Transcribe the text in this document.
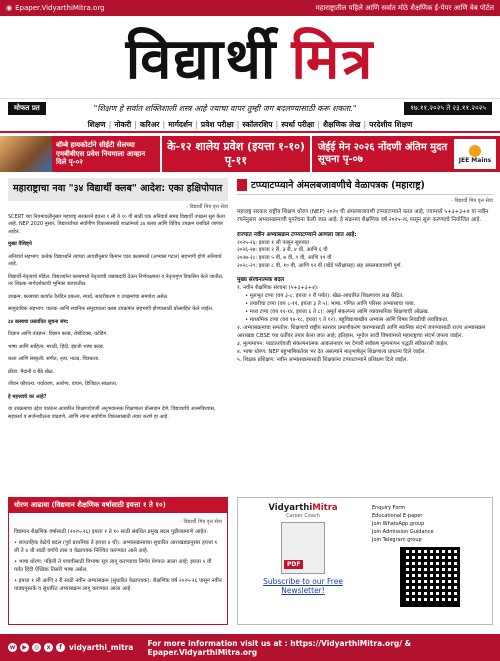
◉ Epaper.VidyarthiMitra.org	महाराष्ट्रातील पहिले आणि सर्वात मोठे शैक्षणिक ई-पेपर आणि वेब पोर्टल
विद्यार्थी मित्र
मोफत प्रत	"शिक्षण हे सर्वात शक्तिशाली शस्त्र आहे ज्याचा वापर तुम्ही जग बदलण्यासाठी करू शकता."	१७.११.२०२५ ते २३.११.२०२५
शिक्षण | नोकरी | करिअर | मार्गदर्शन | प्रवेश परीक्षा | स्कॉलरशिप | स्पर्धा परीक्षा | शैक्षणिक लेख | परदेशीय शिक्षण
बॉम्बे हायकोर्टाने सीईटी सेलच्या एमबीबीएस प्रवेश नियमाला आव्हान दिले पृ-०२
के-१२ शालेय प्रवेश (इयत्ता १-१०) पृ-११
जेईई मेन २०२६ नोंदणी अंतिम मुदत सूचना पृ-०७	JEE Mains
महाराष्ट्राचा नवा "३४ विद्यार्थी क्लब" आदेश: एका हक्षिपोपात
- विद्यार्थी मित्र वृत्त सेवा
SCERT च्या नियमावलीनुसार महाराष्ट्र सरकारने इयत्ता १ ली ते १० वी साठी एक अनिवार्य समग्र विद्यार्थी उपक्रम सुरु केला आहे. NEP 2020 नुसार, विद्यार्थ्यांच्या सर्वांगीण विकासासाठी शाळांमध्ये ३४ क्लब आणि विविध उपक्रम राबविले जाणार आहेत.
मुख्य वैशिष्ट्ये
अनिवार्य सहभाग: प्रत्येक विद्यार्थ्याने त्यांच्या आवडीनुसार किमान एका क्लबमध्ये (अभ्यास गटात) सहभागी होणे अनिवार्य आहे.
विद्यार्थी-नेतृत्वाचे मॉडेल: विद्यार्थ्यांना क्लबमध्ये नेतृत्वाची जबाबदारी देऊन निर्णयक्षमता व नेतृत्वगुण विकसित केले जातील, तर शिक्षक मार्गदर्शकाची भूमिका बजावतील.
उपक्रम: क्लबच्या कार्यात दैनंदिन प्रकल्प, स्पर्धा, सादरीकरण व उपक्रमांचा समावेश असेल.
सामुदायिक सहभाग: पालक आणि स्थानिक समुदायाला क्लब उपक्रमांत सहभागी होण्यासाठी प्रोत्साहित केले जाईल.
३४ क्लबचा प्रस्तावित सूचना संच:
विज्ञान आणि तंत्रज्ञान: विज्ञान क्लब, रोबोटिक्स, कोडिंग.
भाषा आणि साहित्य: मराठी, हिंदी, इंग्रजी भाषा क्लब.
कला आणि संस्कृती: संगीत, नृत्य, नाट्य, चित्रकला.
क्रीडा: मैदानी व बैठे खेळ.
जीवन कौशल्य: पर्यावरण, आरोग्य, वाचन, डिजिटल साक्षरता.
हे महत्त्वाचे का आहे?
या उपक्रमाचा उद्देश पाठांतर आधारित शिक्षणाऐवजी अनुभवात्मक शिक्षणाला प्रोत्साहन देणे, विद्यार्थ्यांचे आत्मविश्वास, सहकार्य व सर्जनशीलता वाढवणे, आणि त्यांना सर्वांगीण विकासासाठी तयार करणे हा आहे.
धोरण आढावा (विद्यमान शैक्षणिक वर्षासाठी इयत्ता १ ते १०)
- विद्यार्थी मित्र वृत्त सेवा
विद्यमान शैक्षणिक वर्षासाठी (२०२५-२६) इयत्ता १ ते १० साठी संबंधित प्रमुख बदल पुढीलप्रमाणे आहेत:
• साप्ताहिक वेळेचे बदल (पूर्व प्राथमिक ते इयत्ता ४ थी): अभ्यासक्रमाच्या सुधारित आराखड्यानुसार इयत्ता १ ली ते ४ थी साठी वर्गाचे तास व वेळापत्रक निश्चित करण्यात आले आहे.
• भाषा धोरण: पहिली ते पाचवीसाठी त्रिभाषा सूत्र लागू करण्याचा निर्णय घेण्यात आला आहे; इयत्ता ५ वी पर्यंत हिंदी ऐच्छिक तिसरी भाषा असेल.
• इयत्ता १ ली आणि २ री साठी नवीन अभ्यासक्रम (सुधारित वेळापत्रक): शैक्षणिक वर्ष २०२५-२६ पासून नवीन पाठ्यपुस्तके व सुधारित अभ्यासक्रम लागू करण्यात आला आहे.
टप्प्याटप्प्याने अंमलबजावणीचे वेळापत्रक (महाराष्ट्र)
- विद्यार्थी मित्र वृत्त सेवा
महाराष्ट्र सरकार राष्ट्रीय शिक्षण धोरण (NEP) २०२० ची अंमलबजावणी टप्प्याटप्प्याने करत आहे, ज्यामध्ये ५+३+३+४ या नवीन रचनेनुसार अभ्यासक्रमाची पुनर्रचना केली जात आहे. हे संक्रमण शैक्षणिक वर्ष २०२५-२६ पासून सुरू करण्याचे नियोजित आहे.
राज्यात नवीन अभ्यासक्रम टप्प्याटप्प्याने आणला जात आहे:
२०२५-२६: इयत्ता १ ली पासून सुरुवात
२०२६-२७: इयत्ता २ री, ३ री, ४ थी, आणि ६ वी
२०२७-२८: इयत्ता ५ वी, ७ वी, ९ वी, आणि ११ वी
२०२८-२९: इयत्ता ८ वी, १० वी, आणि १२ वी (बोर्ड परीक्षांसह) सह अंमलबजावणी पूर्ण.
मुख्य संरचनात्मक बदल
१. नवीन शैक्षणिक संरचना (५+३+३+४):
• मूलभूत टप्पा (वय ३-८, इयत्ता २ री पर्यंत): खेळ-आधारित शिक्षणावर लक्ष केंद्रित.
• तयारीचा टप्पा (वय ८-११, इयत्ता ३ ते ५): भाषा, गणित आणि परिसर अभ्यासाचा पाया.
• मध्य टप्पा (वय ११-१४, इयत्ता ६ ते ८): अमूर्त संकल्पना आणि व्यावसायिक शिक्षणाची ओळख.
• माध्यमिक टप्पा (वय १४-१८, इयत्ता ९ ते १२): बहुविद्याशाखीय अभ्यास आणि विषय निवडीची लवचिकता.
२. अभ्यासक्रमाचा समतोल: शिक्षणाचे राष्ट्रीय स्तरावर प्रमाणीकरण करण्यासाठी आणि स्थानिक संदर्भ जपण्यासाठी राज्य अभ्यासक्रम आराखडा CBSE च्या धर्तीवर तयार केला जात आहे; इतिहास, भूगोल आदी विषयांमध्ये महाराष्ट्राचा संदर्भ जपला जाईल.
३. मूल्यमापन: पाठांतरऐवजी संकल्पनात्मक आकलनावर भर देणारी सर्वंकष मूल्यमापन पद्धती स्वीकारली जाईल.
४. भाषा धोरण: NEP बहुभाषिकतेवर भर देत असल्याने मातृभाषेतून शिक्षणाला प्राधान्य दिले जाईल.
५. शिक्षक प्रशिक्षण: नवीन अभ्यासक्रमासाठी शिक्षकांना टप्प्याटप्प्याने प्रशिक्षण दिले जाईल.
VidyarthiMitra
Career Coach
PDF
Subscribe to our Free Newsletter!
Enquiry Form
Educational E-paper
Join WhatsApp group
Join Admission Guidance
Join Telegram group
w	▶	◎	x	f vidyarthi_mitra For more information visit us at : https://VidyarthiMitra.org/ & Epaper.VidyarthiMitra.org
